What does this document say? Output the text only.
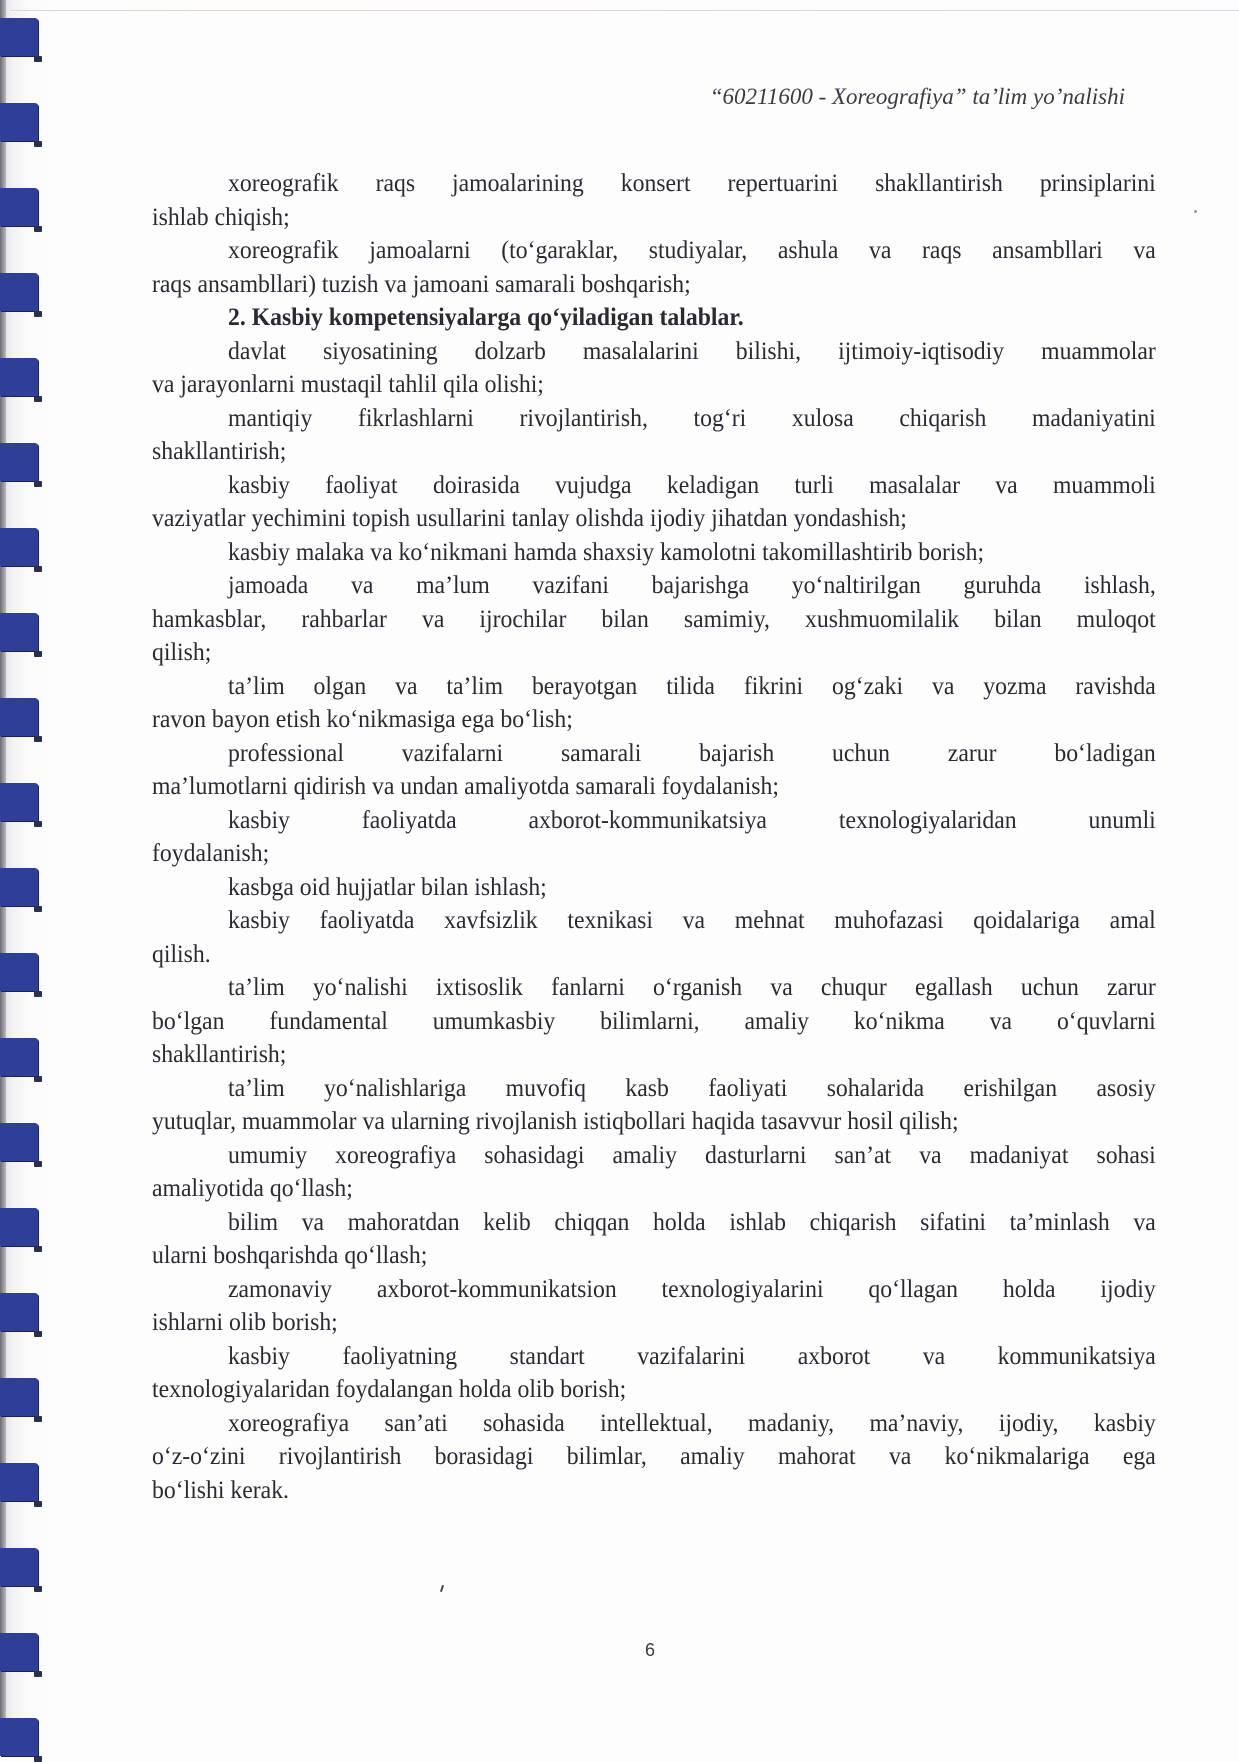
“60211600 - Xoreografiya” ta’lim yo’nalishi
xoreografik raqs jamoalarining konsert repertuarini shakllantirish prinsiplarini
ishlab chiqish;
xoreografik jamoalarni (to‘garaklar, studiyalar, ashula va raqs ansambllari va
raqs ansambllari) tuzish va jamoani samarali boshqarish;
2. Kasbiy kompetensiyalarga qo‘yiladigan talablar.
davlat siyosatining dolzarb masalalarini bilishi, ijtimoiy-iqtisodiy muammolar
va jarayonlarni mustaqil tahlil qila olishi;
mantiqiy fikrlashlarni rivojlantirish, tog‘ri xulosa chiqarish madaniyatini
shakllantirish;
kasbiy faoliyat doirasida vujudga keladigan turli masalalar va muammoli
vaziyatlar yechimini topish usullarini tanlay olishda ijodiy jihatdan yondashish;
kasbiy malaka va ko‘nikmani hamda shaxsiy kamolotni takomillashtirib borish;
jamoada va ma’lum vazifani bajarishga yo‘naltirilgan guruhda ishlash,
hamkasblar, rahbarlar va ijrochilar bilan samimiy, xushmuomilalik bilan muloqot
qilish;
ta’lim olgan va ta’lim berayotgan tilida fikrini og‘zaki va yozma ravishda
ravon bayon etish ko‘nikmasiga ega bo‘lish;
professional vazifalarni samarali bajarish uchun zarur bo‘ladigan
ma’lumotlarni qidirish va undan amaliyotda samarali foydalanish;
kasbiy faoliyatda axborot-kommunikatsiya texnologiyalaridan unumli
foydalanish;
kasbga oid hujjatlar bilan ishlash;
kasbiy faoliyatda xavfsizlik texnikasi va mehnat muhofazasi qoidalariga amal
qilish.
ta’lim yo‘nalishi ixtisoslik fanlarni o‘rganish va chuqur egallash uchun zarur
bo‘lgan fundamental umumkasbiy bilimlarni, amaliy ko‘nikma va o‘quvlarni
shakllantirish;
ta’lim yo‘nalishlariga muvofiq kasb faoliyati sohalarida erishilgan asosiy
yutuqlar, muammolar va ularning rivojlanish istiqbollari haqida tasavvur hosil qilish;
umumiy xoreografiya sohasidagi amaliy dasturlarni san’at va madaniyat sohasi
amaliyotida qo‘llash;
bilim va mahoratdan kelib chiqqan holda ishlab chiqarish sifatini ta’minlash va
ularni boshqarishda qo‘llash;
zamonaviy axborot-kommunikatsion texnologiyalarini qo‘llagan holda ijodiy
ishlarni olib borish;
kasbiy faoliyatning standart vazifalarini axborot va kommunikatsiya
texnologiyalaridan foydalangan holda olib borish;
xoreografiya san’ati sohasida intellektual, madaniy, ma’naviy, ijodiy, kasbiy
o‘z-o‘zini rivojlantirish borasidagi bilimlar, amaliy mahorat va ko‘nikmalariga ega
bo‘lishi kerak.
6
